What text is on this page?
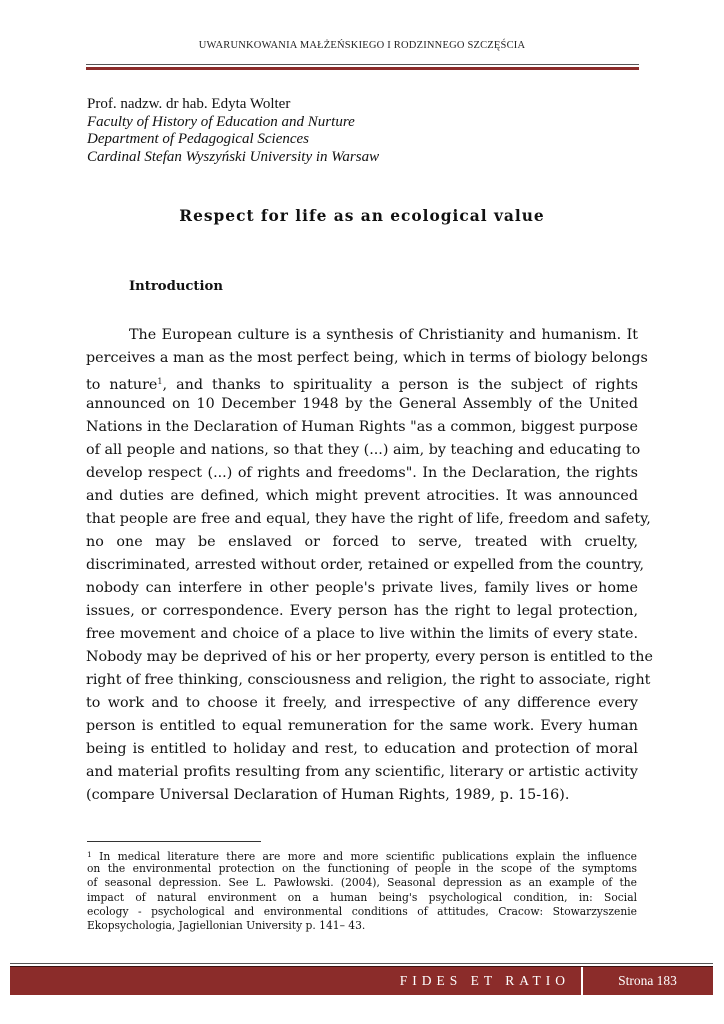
UWARUNKOWANIA MAŁŻEŃSKIEGO I RODZINNEGO SZCZĘŚCIA
Prof. nadzw. dr hab. Edyta Wolter
Faculty of History of Education and Nurture
Department of Pedagogical Sciences
Cardinal Stefan Wyszyński University in Warsaw
Respect for life as an ecological value
Introduction
The European culture is a synthesis of Christianity and humanism. It
perceives a man as the most perfect being, which in terms of biology belongs
to nature$^1$, and thanks to spirituality a person is the subject of rights
announced on 10 December 1948 by the General Assembly of the United
Nations in the Declaration of Human Rights "as a common, biggest purpose
of all people and nations, so that they (...) aim, by teaching and educating to
develop respect (...) of rights and freedoms". In the Declaration, the rights
and duties are defined, which might prevent atrocities. It was announced
that people are free and equal, they have the right of life, freedom and safety,
no one may be enslaved or forced to serve, treated with cruelty,
discriminated, arrested without order, retained or expelled from the country,
nobody can interfere in other people's private lives, family lives or home
issues, or correspondence. Every person has the right to legal protection,
free movement and choice of a place to live within the limits of every state.
Nobody may be deprived of his or her property, every person is entitled to the
right of free thinking, consciousness and religion, the right to associate, right
to work and to choose it freely, and irrespective of any difference every
person is entitled to equal remuneration for the same work. Every human
being is entitled to holiday and rest, to education and protection of moral
and material profits resulting from any scientific, literary or artistic activity
(compare Universal Declaration of Human Rights, 1989, p. 15-16).
$^1$ In medical literature there are more and more scientific publications explain the influence
on the environmental protection on the functioning of people in the scope of the symptoms
of seasonal depression. See L. Pawłowski. (2004), Seasonal depression as an example of the
impact of natural environment on a human being's psychological condition, in: Social
ecology - psychological and environmental conditions of attitudes, Cracow: Stowarzyszenie
Ekopsychologia, Jagiellonian University p. 141– 43.
FIDES ET RATIO	Strona 183
